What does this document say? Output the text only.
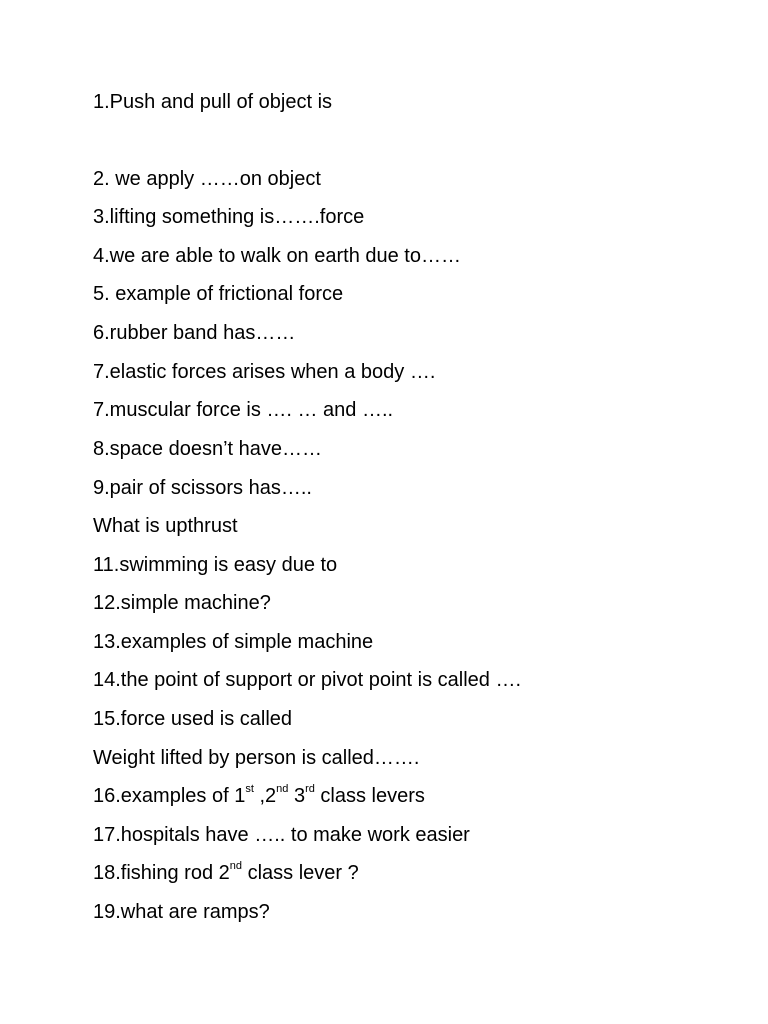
1.Push and pull of object is
2. we apply ……on object
3.lifting something is…….force
4.we are able to walk on earth due to……
5. example of frictional force
6.rubber band has……
7.elastic forces arises when a body ….
7.muscular force is …. … and …..
8.space doesn’t have……
9.pair of scissors has…..
What is upthrust
11.swimming is easy due to
12.simple machine?
13.examples of simple machine
14.the point of support or pivot point is called ….
15.force used is called
Weight lifted by person is called…….
16.examples of 1st ,2nd 3rd class levers
17.hospitals have ….. to make work easier
18.fishing rod 2nd class lever ?
19.what are ramps?
